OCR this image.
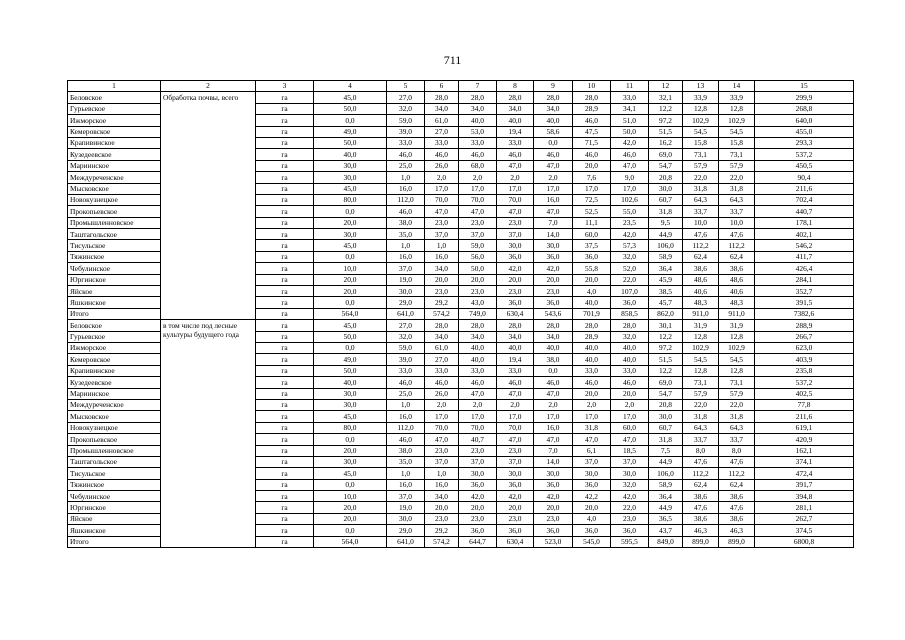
711
1	2	3	4	5	6	7	8	9	10	11	12	13	14	15
Беловское	Обработка почвы, всего	га	45,0	27,0	28,0	28,0	28,0	28,0	28,0	33,0	32,1	33,9	33,9	299,9
Гурьевское		га	50,0	32,0	34,0	34,0	34,0	34,0	28,9	34,1	12,2	12,8	12,8	268,8
Ижморское		га	0,0	59,0	61,0	40,0	40,0	40,0	46,0	51,0	97,2	102,9	102,9	640,0
Кемеровское		га	49,0	39,0	27,0	53,0	19,4	58,6	47,5	50,0	51,5	54,5	54,5	455,0
Крапивинское		га	50,0	33,0	33,0	33,0	33,0	0,0	71,5	42,0	16,2	15,8	15,8	293,3
Кузедеевское		га	40,0	46,0	46,0	46,0	46,0	46,0	46,0	46,0	69,0	73,1	73,1	537,2
Мариинское		га	30,0	25,0	26,0	68,0	47,0	47,0	20,0	47,0	54,7	57,9	57,9	450,5
Междуреченское		га	30,0	1,0	2,0	2,0	2,0	2,0	7,6	9,0	20,8	22,0	22,0	90,4
Мысковское		га	45,0	16,0	17,0	17,0	17,0	17,0	17,0	17,0	30,0	31,8	31,8	211,6
Новокузнецкое		га	80,0	112,0	70,0	70,0	70,0	16,0	72,5	102,6	60,7	64,3	64,3	702,4
Прокопьевское		га	0,0	46,0	47,0	47,0	47,0	47,0	52,5	55,0	31,8	33,7	33,7	440,7
Промышленновское		га	20,0	38,0	23,0	23,0	23,0	7,0	11,1	23,5	9,5	10,0	10,0	178,1
Таштагольское		га	30,0	35,0	37,0	37,0	37,0	14,0	60,0	42,0	44,9	47,6	47,6	402,1
Тисульское		га	45,0	1,0	1,0	59,0	30,0	30,0	37,5	57,3	106,0	112,2	112,2	546,2
Тяжинское		га	0,0	16,0	16,0	56,0	36,0	36,0	36,0	32,0	58,9	62,4	62,4	411,7
Чебулинское		га	10,0	37,0	34,0	50,0	42,0	42,0	55,8	52,0	36,4	38,6	38,6	426,4
Юргинское		га	20,0	19,0	20,0	20,0	20,0	20,0	20,0	22,0	45,9	48,6	48,6	284,1
Яйское		га	20,0	30,0	23,0	23,0	23,0	23,0	4,0	107,0	38,5	40,6	40,6	352,7
Яшкинское		га	0,0	29,0	29,2	43,0	36,0	36,0	40,0	36,0	45,7	48,3	48,3	391,5
Итого		га	564,0	641,0	574,2	749,0	630,4	543,6	701,9	858,5	862,0	911,0	911,0	7382,6
Беловское	в том числе под лесные культуры будущего года	га	45,0	27,0	28,0	28,0	28,0	28,0	28,0	28,0	30,1	31,9	31,9	288,9
Гурьевское		га	50,0	32,0	34,0	34,0	34,0	34,0	28,9	32,0	12,2	12,8	12,8	266,7
Ижморское		га	0,0	59,0	61,0	40,0	40,0	40,0	40,0	40,0	97,2	102,9	102,9	623,0
Кемеровское		га	49,0	39,0	27,0	40,0	19,4	38,0	40,0	40,0	51,5	54,5	54,5	403,9
Крапивинское		га	50,0	33,0	33,0	33,0	33,0	0,0	33,0	33,0	12,2	12,8	12,8	235,8
Кузедеевское		га	40,0	46,0	46,0	46,0	46,0	46,0	46,0	46,0	69,0	73,1	73,1	537,2
Мариинское		га	30,0	25,0	26,0	47,0	47,0	47,0	20,0	20,0	54,7	57,9	57,9	402,5
Междуреченское		га	30,0	1,0	2,0	2,0	2,0	2,0	2,0	2,0	20,8	22,0	22,0	77,8
Мысковское		га	45,0	16,0	17,0	17,0	17,0	17,0	17,0	17,0	30,0	31,8	31,8	211,6
Новокузнецкое		га	80,0	112,0	70,0	70,0	70,0	16,0	31,8	60,0	60,7	64,3	64,3	619,1
Прокопьевское		га	0,0	46,0	47,0	40,7	47,0	47,0	47,0	47,0	31,8	33,7	33,7	420,9
Промышленновское		га	20,0	38,0	23,0	23,0	23,0	7,0	6,1	18,5	7,5	8,0	8,0	162,1
Таштагольское		га	30,0	35,0	37,0	37,0	37,0	14,0	37,0	37,0	44,9	47,6	47,6	374,1
Тисульское		га	45,0	1,0	1,0	30,0	30,0	30,0	30,0	30,0	106,0	112,2	112,2	472,4
Тяжинское		га	0,0	16,0	16,0	36,0	36,0	36,0	36,0	32,0	58,9	62,4	62,4	391,7
Чебулинское		га	10,0	37,0	34,0	42,0	42,0	42,0	42,2	42,0	36,4	38,6	38,6	394,8
Юргинское		га	20,0	19,0	20,0	20,0	20,0	20,0	20,0	22,0	44,9	47,6	47,6	281,1
Яйское		га	20,0	30,0	23,0	23,0	23,0	23,0	4,0	23,0	36,5	38,6	38,6	262,7
Яшкинское		га	0,0	29,0	29,2	36,0	36,0	36,0	36,0	36,0	43,7	46,3	46,3	374,5
Итого		га	564,0	641,0	574,2	644,7	630,4	523,0	545,0	595,5	849,0	899,0	899,0	6800,8
